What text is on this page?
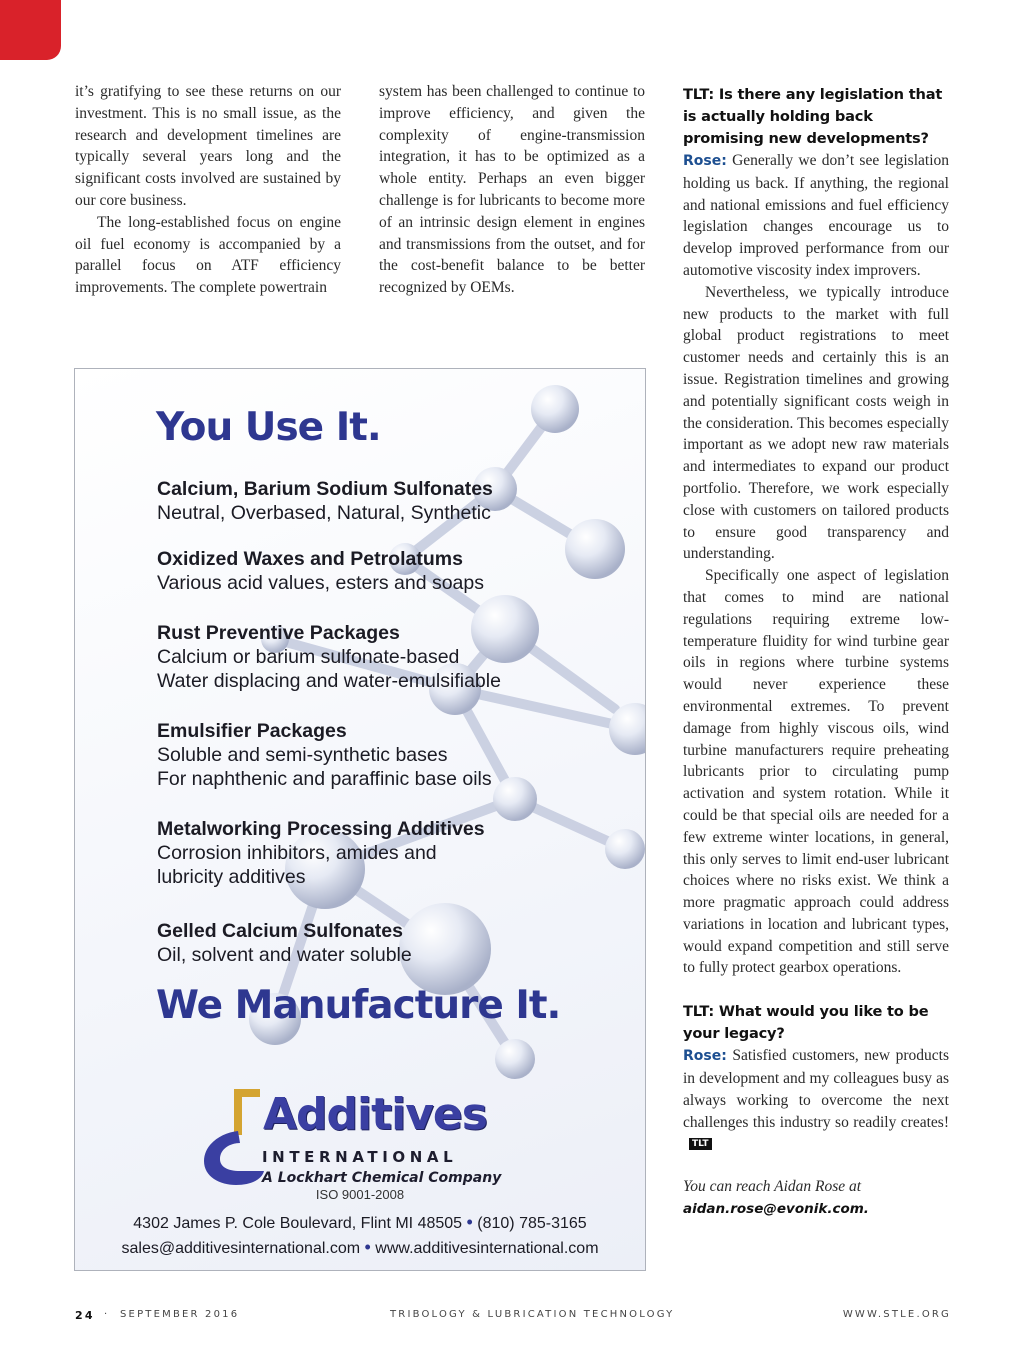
it’s gratifying to see these returns on our investment. This is no small issue, as the research and development timelines are typically several years long and the significant costs involved are sustained by our core business.

The long-established focus on engine oil fuel economy is accompanied by a parallel focus on ATF efficiency improvements. The complete powertrain

system has been challenged to continue to improve efficiency, and given the complexity of engine-transmission integration, it has to be optimized as a whole entity. Perhaps an even bigger challenge is for lubricants to become more of an intrinsic design element in engines and transmissions from the outset, and for the cost-benefit balance to be better recognized by OEMs.

TLT: Is there any legislation that is actually holding back promising new developments?

Rose: Generally we don’t see legislation holding us back. If anything, the regional and national emissions and fuel efficiency legislation changes encourage us to develop improved performance from our automotive viscosity index improvers.

Nevertheless, we typically introduce new products to the market with full global product registrations to meet customer needs and certainly this is an issue. Registration timelines and growing and potentially significant costs weigh in the consideration. This becomes especially important as we adopt new raw materials and intermediates to expand our product portfolio. Therefore, we work especially close with customers on tailored products to ensure good transparency and understanding.

Specifically one aspect of legislation that comes to mind are national regulations requiring extreme low-temperature fluidity for wind turbine gear oils in regions where turbine systems would never experience these environmental extremes. To prevent damage from highly viscous oils, wind turbine manufacturers require preheating lubricants prior to circulating pump activation and system rotation. While it could be that special oils are needed for a few extreme winter locations, in general, this only serves to limit end-user lubricant choices where no risks exist. We think a more pragmatic approach could address variations in location and lubricant types, would expand competition and still serve to fully protect gearbox operations.

TLT: What would you like to be your legacy?

Rose: Satisfied customers, new products in development and my colleagues busy as always working to overcome the next challenges this industry so readily creates!TLT

You can reach Aidan Rose at aidan.rose@evonik.com.

You Use It.
Calcium, Barium Sodium Sulfonates
Neutral, Overbased, Natural, Synthetic
Oxidized Waxes and Petrolatums
Various acid values, esters and soaps
Rust Preventive Packages
Calcium or barium sulfonate-based
Water displacing and water-emulsifiable
Emulsifier Packages
Soluble and semi-synthetic bases
For naphthenic and paraffinic base oils
Metalworking Processing Additives
Corrosion inhibitors, amides and
lubricity additives
Gelled Calcium Sulfonates
Oil, solvent and water soluble
We Manufacture It.
Additives
INTERNATIONAL
A Lockhart Chemical Company
ISO 9001-2008
4302 James P. Cole Boulevard, Flint MI 48505 • (810) 785-3165
sales@additivesinternational.com • www.additivesinternational.com
24 · SEPTEMBER 2016	TRIBOLOGY & LUBRICATION TECHNOLOGY	WWW.STLE.ORG
